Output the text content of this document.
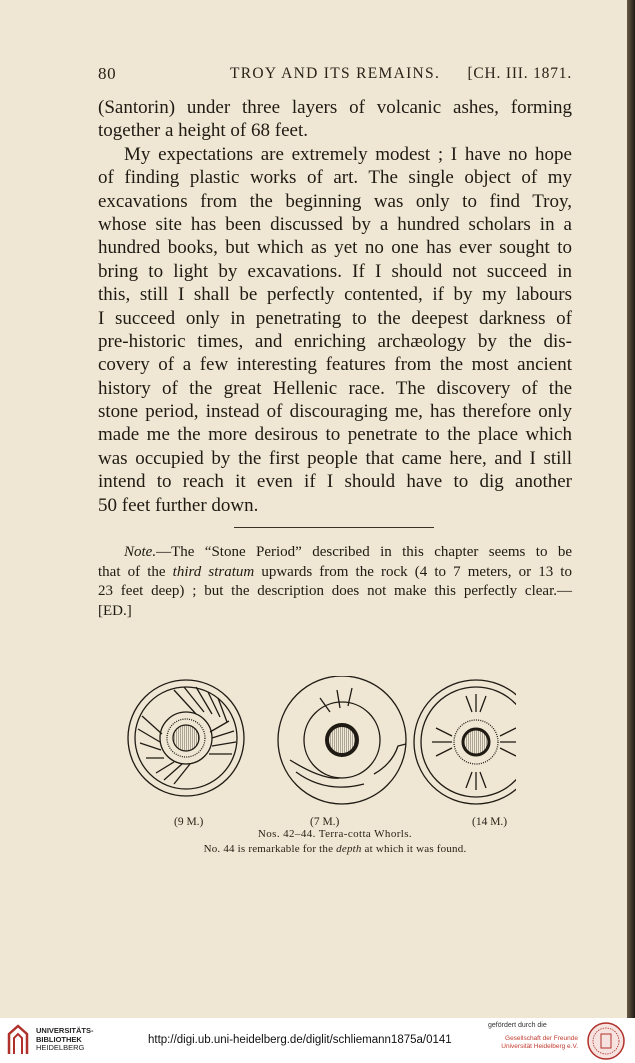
80	TROY AND ITS REMAINS. [CH. III. 1871.
(Santorin) under three layers of volcanic ashes, forming
together a height of 68 feet.
My expectations are extremely modest ; I have no hope
of finding plastic works of art. The single object of my
excavations from the beginning was only to find Troy,
whose site has been discussed by a hundred scholars in a
hundred books, but which as yet no one has ever sought to
bring to light by excavations. If I should not succeed in
this, still I shall be perfectly contented, if by my labours
I succeed only in penetrating to the deepest darkness of
pre-historic times, and enriching archæology by the dis-
covery of a few interesting features from the most ancient
history of the great Hellenic race. The discovery of the
stone period, instead of discouraging me, has therefore only
made me the more desirous to penetrate to the place which
was occupied by the first people that came here, and I still
intend to reach it even if I should have to dig another
50 feet further down.
Note.—The “Stone Period” described in this chapter seems to be
that of the third stratum upwards from the rock (4 to 7 meters, or 13 to
23 feet deep) ; but the description does not make this perfectly clear.—
[ED.]
(9 M.)	(7 M.)	(14 M.)
Nos. 42–44. Terra-cotta Whorls.
No. 44 is remarkable for the depth at which it was found.
UNIVERSITÄTS-
BIBLIOTHEK
HEIDELBERG
http://digi.ub.uni-heidelberg.de/diglit/schliemann1875a/0141
gefördert durch die
Gesellschaft der Freunde
Universität Heidelberg e.V.
